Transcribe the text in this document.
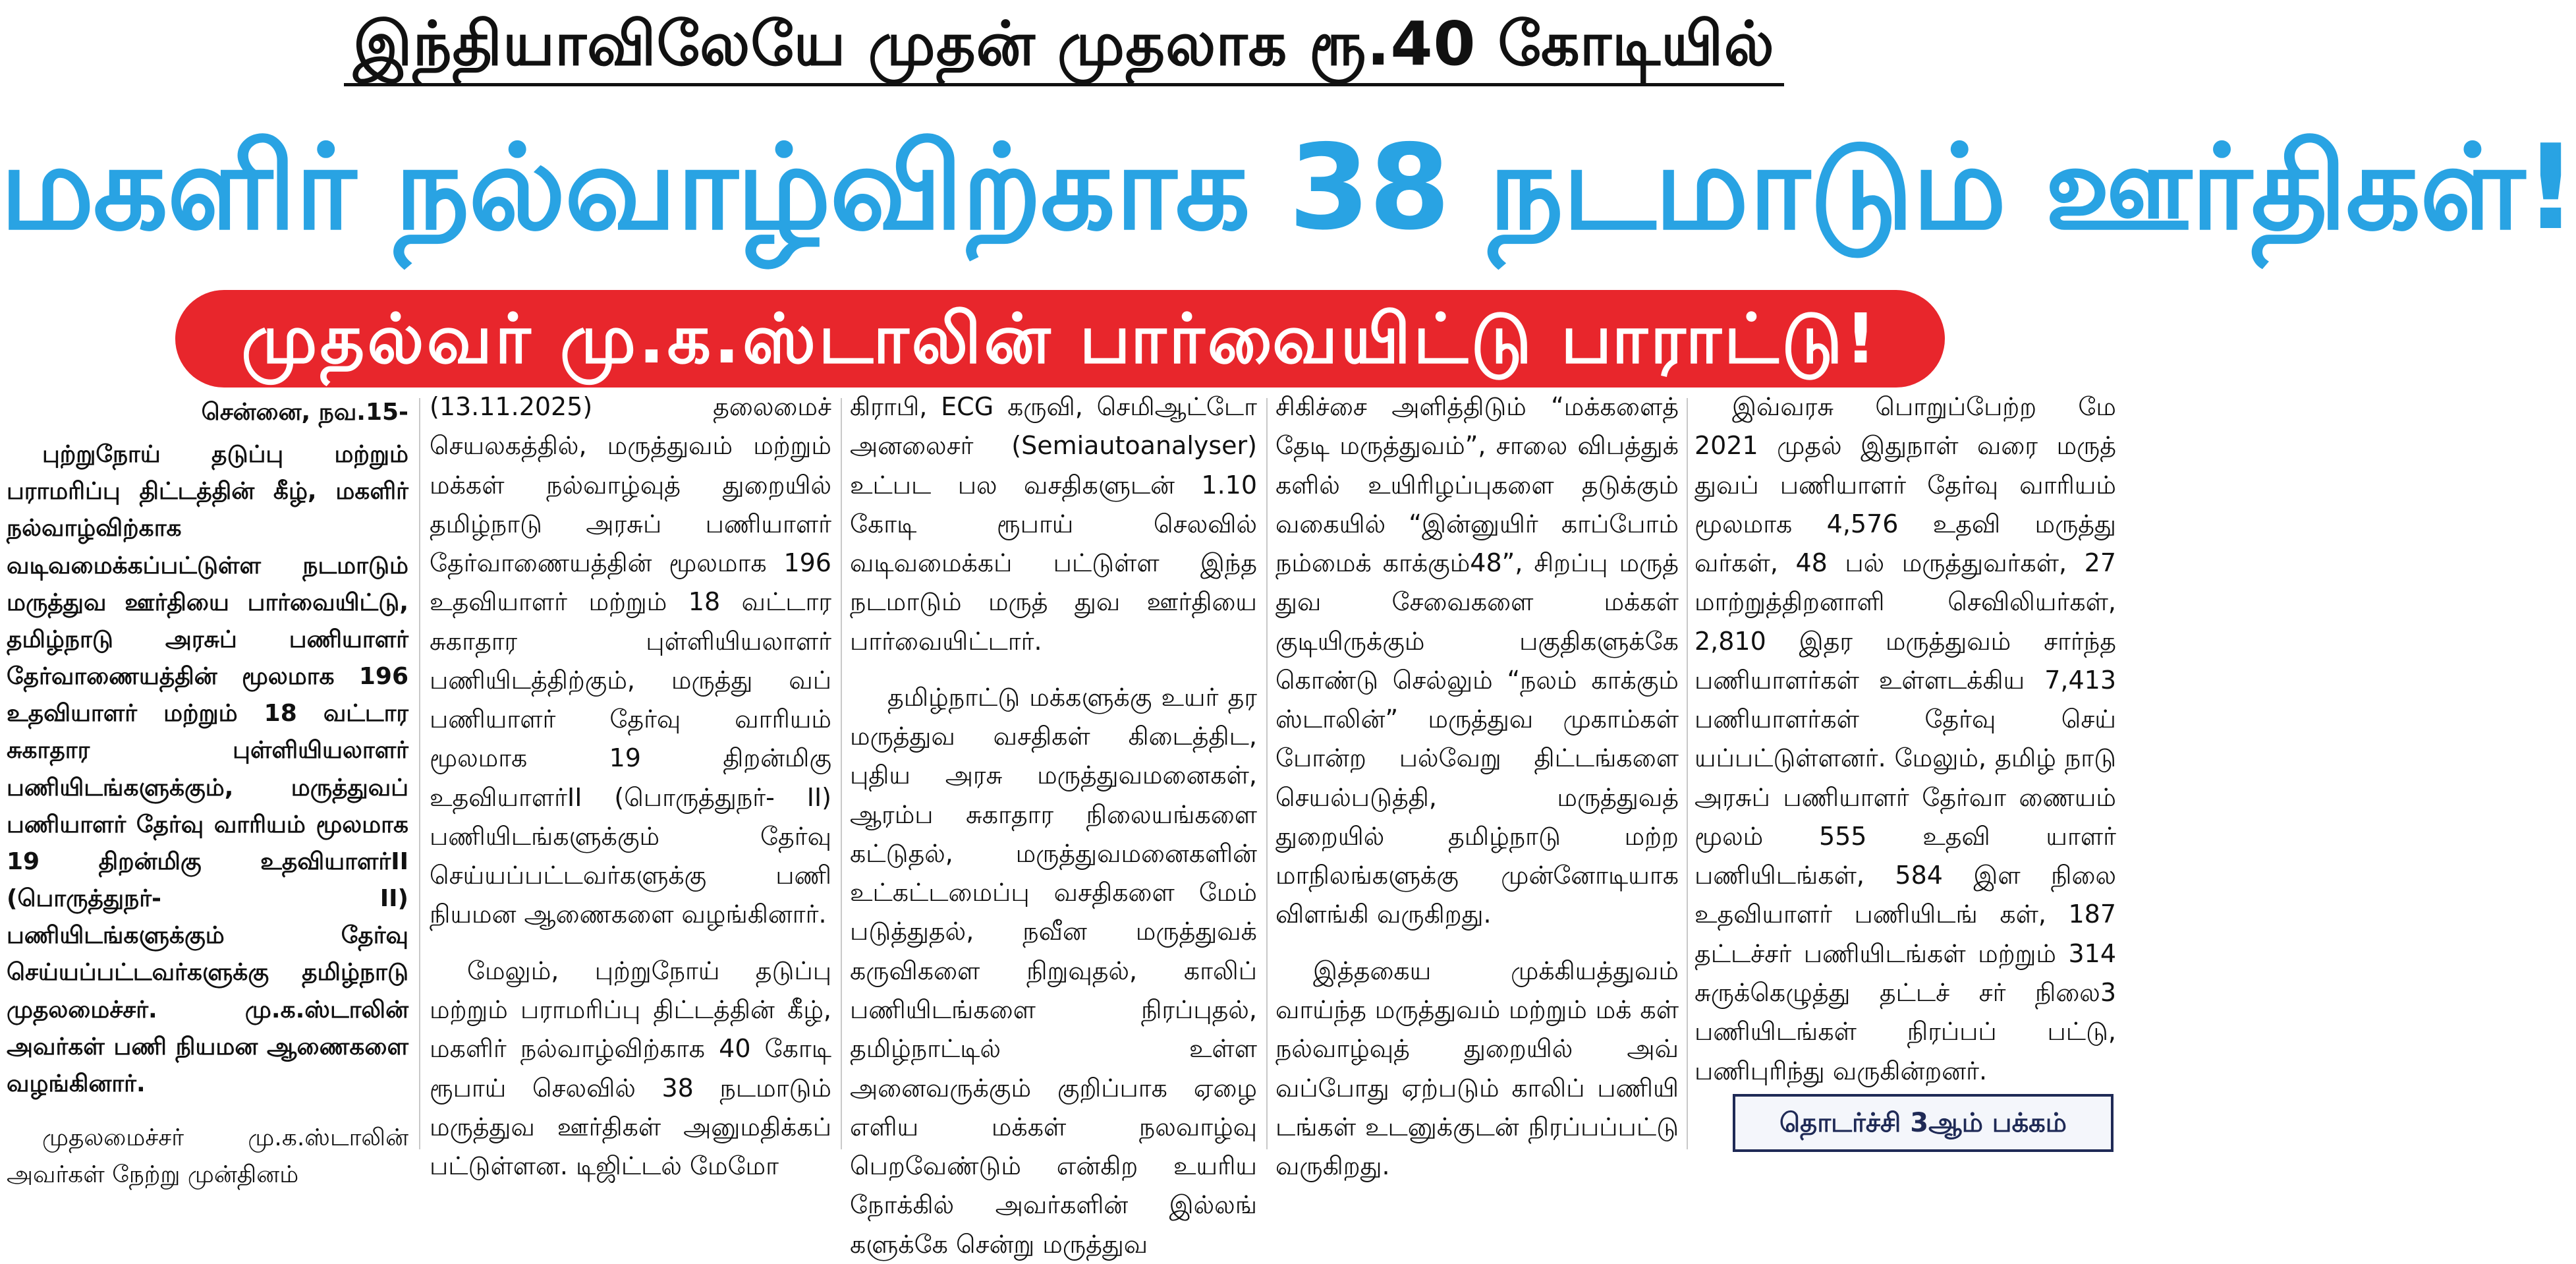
இந்தியாவிலேயே முதன் முதலாக ரூ.40 கோடியில்
மகளிர் நல்வாழ்விற்காக 38 நடமாடும் ஊர்திகள்!
முதல்வர் மு.க.ஸ்டாலின் பார்வையிட்டு பாராட்டு!

சென்னை, நவ.15-

புற்றுநோய் தடுப்பு மற்றும் பராமரிப்பு திட்டத்தின் கீழ், மகளிர் நல்வாழ்விற்காக வடிவமைக்கப்பட்டுள்ள நடமாடும் மருத்துவ ஊர்தியை பார்வையிட்டு, தமிழ்நாடு அரசுப் பணியாளர் தேர்வாணையத்தின் மூலமாக 196 உதவியாளர் மற்றும் 18 வட்டார சுகாதார புள்ளியியலாளர் பணியிடங்களுக்கும், மருத்துவப் பணியாளர் தேர்வு வாரியம் மூலமாக 19 திறன்மிகு உதவியாளர்II (பொருத்துநர்- II) பணியிடங்களுக்கும் தேர்வு செய்யப்பட்டவர்களுக்கு தமிழ்நாடு முதலமைச்சர். மு.க.ஸ்டாலின் அவர்கள் பணி நியமன ஆணைகளை வழங்கினார்.

முதலமைச்சர் மு.க.ஸ்டாலின் அவர்கள் நேற்று முன்தினம்

(13.11.2025) தலைமைச் செயலகத்தில், மருத்துவம் மற்றும் மக்கள் நல்வாழ்வுத் துறையில் தமிழ்நாடு அரசுப் பணியாளர் தேர்வாணையத்தின் மூலமாக 196 உதவியாளர் மற்றும் 18 வட்டார சுகாதார புள்ளியியலாளர் பணியிடத்திற்கும், மருத்து வப் பணியாளர் தேர்வு வாரியம் மூலமாக 19 திறன்மிகு உதவியாளர்II (பொருத்துநர்- II) பணியிடங்களுக்கும் தேர்வு செய்யப்பட்டவர்களுக்கு பணி நியமன ஆணைகளை வழங்கினார்.

மேலும், புற்றுநோய் தடுப்பு மற்றும் பராமரிப்பு திட்டத்தின் கீழ், மகளிர் நல்வாழ்விற்காக 40 கோடி ரூபாய் செலவில் 38 நடமாடும் மருத்துவ ஊர்திகள் அனுமதிக்கப் பட்டுள்ளன. டிஜிட்டல் மேமோ

கிராபி, ECG கருவி, செமிஆட்டோ அனலைசர் (Semiautoanalyser) உட்பட பல வசதிகளுடன் 1.10 கோடி ரூபாய் செலவில் வடிவமைக்கப் பட்டுள்ள இந்த நடமாடும் மருத் துவ ஊர்தியை பார்வையிட்டார்.

தமிழ்நாட்டு மக்களுக்கு உயர் தர மருத்துவ வசதிகள் கிடைத்திட, புதிய அரசு மருத்துவமனைகள், ஆரம்ப சுகாதார நிலையங்களை கட்டுதல், மருத்துவமனைகளின் உட்கட்டமைப்பு வசதிகளை மேம் படுத்துதல், நவீன மருத்துவக் கருவிகளை நிறுவுதல், காலிப் பணியிடங்களை நிரப்புதல், தமிழ்நாட்டில் உள்ள அனைவருக்கும் குறிப்பாக ஏழை எளிய மக்கள் நலவாழ்வு பெறவேண்டும் என்கிற உயரிய நோக்கில் அவர்களின் இல்லங் களுக்கே சென்று மருத்துவ

சிகிச்சை அளித்திடும் “மக்களைத் தேடி மருத்துவம்”, சாலை விபத்துக் களில் உயிரிழப்புகளை தடுக்கும் வகையில் “இன்னுயிர் காப்போம் நம்மைக் காக்கும்48”, சிறப்பு மருத் துவ சேவைகளை மக்கள் குடியிருக்கும் பகுதிகளுக்கே கொண்டு செல்லும் “நலம் காக்கும் ஸ்டாலின்” மருத்துவ முகாம்கள் போன்ற பல்வேறு திட்டங்களை செயல்படுத்தி, மருத்துவத் துறையில் தமிழ்நாடு மற்ற மாநிலங்களுக்கு முன்னோடியாக விளங்கி வருகிறது.

இத்தகைய முக்கியத்துவம் வாய்ந்த மருத்துவம் மற்றும் மக் கள் நல்வாழ்வுத் துறையில் அவ் வப்போது ஏற்படும் காலிப் பணியி டங்கள் உடனுக்குடன் நிரப்பப்பட்டு வருகிறது.

இவ்வரசு பொறுப்பேற்ற மே 2021 முதல் இதுநாள் வரை மருத் துவப் பணியாளர் தேர்வு வாரியம் மூலமாக 4,576 உதவி மருத்து வர்கள், 48 பல் மருத்துவர்கள், 27 மாற்றுத்திறனாளி செவிலியர்கள், 2,810 இதர மருத்துவம் சார்ந்த பணியாளர்கள் உள்ளடக்கிய 7,413 பணியாளர்கள் தேர்வு செய் யப்பட்டுள்ளனர். மேலும், தமிழ் நாடு அரசுப் பணியாளர் தேர்வா ணையம் மூலம் 555 உதவி யாளர் பணியிடங்கள், 584 இள நிலை உதவியாளர் பணியிடங் கள், 187 தட்டச்சர் பணியிடங்கள் மற்றும் 314 சுருக்கெழுத்து தட்டச் சர் நிலை3 பணியிடங்கள் நிரப்பப் பட்டு, பணிபுரிந்து வருகின்றனர்.

தொடர்ச்சி 3ஆம் பக்கம்
